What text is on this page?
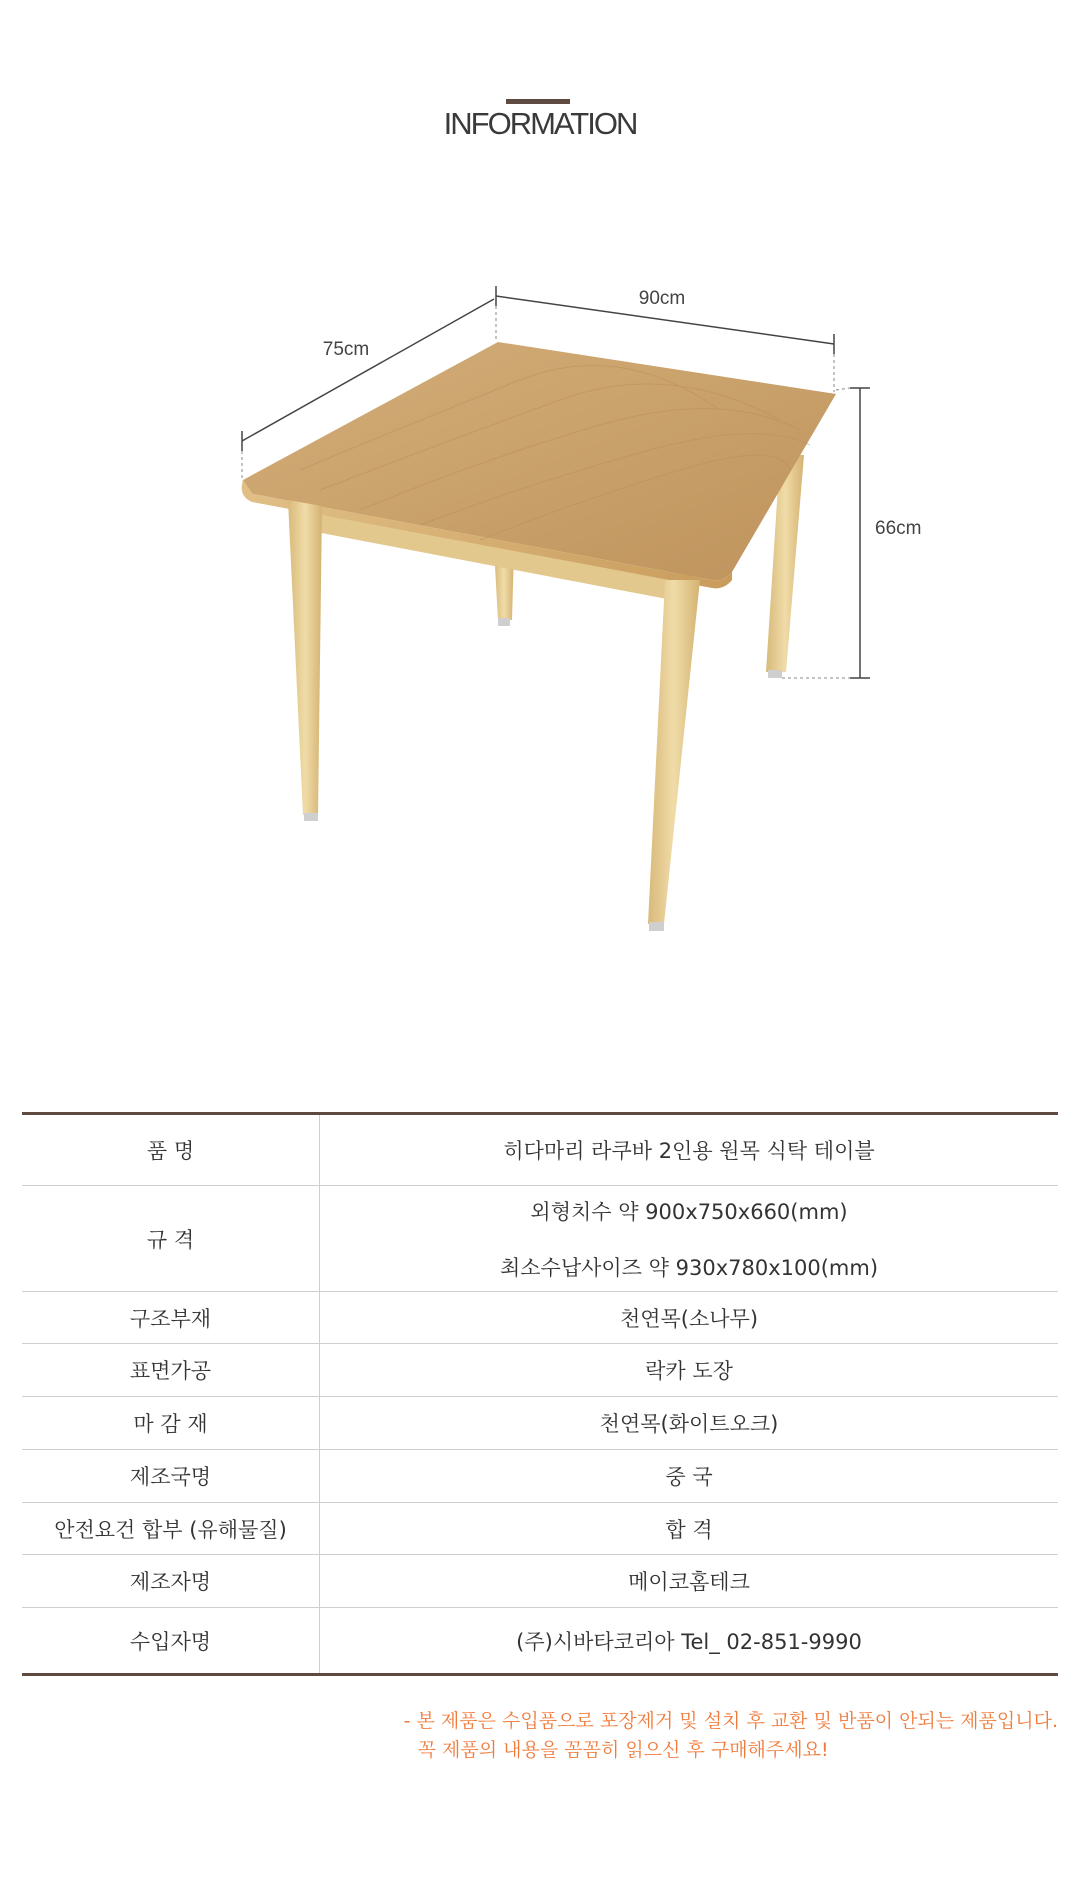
INFORMATION
90cm
75cm
66cm
품 명	히다마리 라쿠바 2인용 원목 식탁 테이블

규 격	외형치수 약 900x750x660(mm)
최소수납사이즈 약 930x780x100(mm)

구조부재	천연목(소나무)

표면가공	락카 도장

마 감 재	천연목(화이트오크)

제조국명	중 국

안전요건 합부 (유해물질)	합 격

제조자명	메이코홈테크

수입자명	(주)시바타코리아 Tel_ 02-851-9990
- 본 제품은 수입품으로 포장제거 및 설치 후 교환 및 반품이 안되는 제품입니다.
꼭 제품의 내용을 꼼꼼히 읽으신 후 구매해주세요!
